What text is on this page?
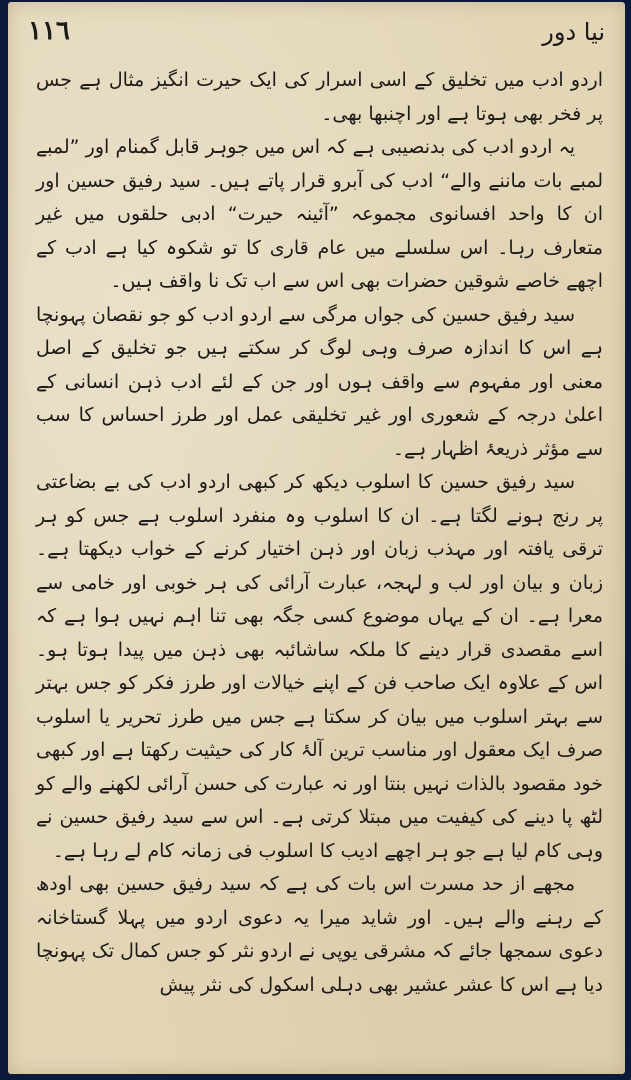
١١٦	نیا دور

اردو ادب میں تخلیق کے اسی اسرار کی ایک حیرت انگیز مثال ہے جس پر فخر بھی ہوتا ہے اور اچنبھا بھی۔

یہ اردو ادب کی بدنصیبی ہے کہ اس میں جوہر قابل گمنام اور ”لمبے لمبے بات ماننے والے“ ادب کی آبرو قرار پاتے ہیں۔ سید رفیق حسین اور ان کا واحد افسانوی مجموعہ ”آئینہ حیرت“ ادبی حلقوں میں غیر متعارف رہا۔ اس سلسلے میں عام قاری کا تو شکوہ کیا ہے ادب کے اچھے خاصے شوقین حضرات بھی اس سے اب تک نا واقف ہیں۔

سید رفیق حسین کی جواں مرگی سے اردو ادب کو جو نقصان پہونچا ہے اس کا اندازہ صرف وہی لوگ کر سکتے ہیں جو تخلیق کے اصل معنی اور مفہوم سے واقف ہوں اور جن کے لئے ادب ذہن انسانی کے اعلیٰ درجہ کے شعوری اور غیر تخلیقی عمل اور طرز احساس کا سب سے مؤثر ذریعۂ اظہار ہے۔

سید رفیق حسین کا اسلوب دیکھ کر کبھی اردو ادب کی بے بضاعتی پر رنج ہونے لگتا ہے۔ ان کا اسلوب وہ منفرد اسلوب ہے جس کو ہر ترقی یافتہ اور مہذب زبان اور ذہن اختیار کرنے کے خواب دیکھتا ہے۔ زبان و بیان اور لب و لہجہ، عبارت آرائی کی ہر خوبی اور خامی سے معرا ہے۔ ان کے یہاں موضوع کسی جگہ بھی تنا اہم نہیں ہوا ہے کہ اسے مقصدی قرار دینے کا ملکہ ساشائبہ بھی ذہن میں پیدا ہوتا ہو۔ اس کے علاوہ ایک صاحب فن کے اپنے خیالات اور طرز فکر کو جس بہتر سے بہتر اسلوب میں بیان کر سکتا ہے جس میں طرز تحریر یا اسلوب صرف ایک معقول اور مناسب ترین آلۂ کار کی حیثیت رکھتا ہے اور کبھی خود مقصود بالذات نہیں بنتا اور نہ عبارت کی حسن آرائی لکھنے والے کو لٹھ پا دینے کی کیفیت میں مبتلا کرتی ہے۔ اس سے سید رفیق حسین نے وہی کام لیا ہے جو ہر اچھے ادیب کا اسلوب فی زمانہ کام لے رہا ہے۔

مجھے از حد مسرت اس بات کی ہے کہ سید رفیق حسین بھی اودھ کے رہنے والے ہیں۔ اور شاید میرا یہ دعوی اردو میں پہلا گستاخانہ دعوی سمجھا جائے کہ مشرقی یوپی نے اردو نثر کو جس کمال تک پہونچا دیا ہے اس کا عشر عشیر بھی دہلی اسکول کی نثر پیش
